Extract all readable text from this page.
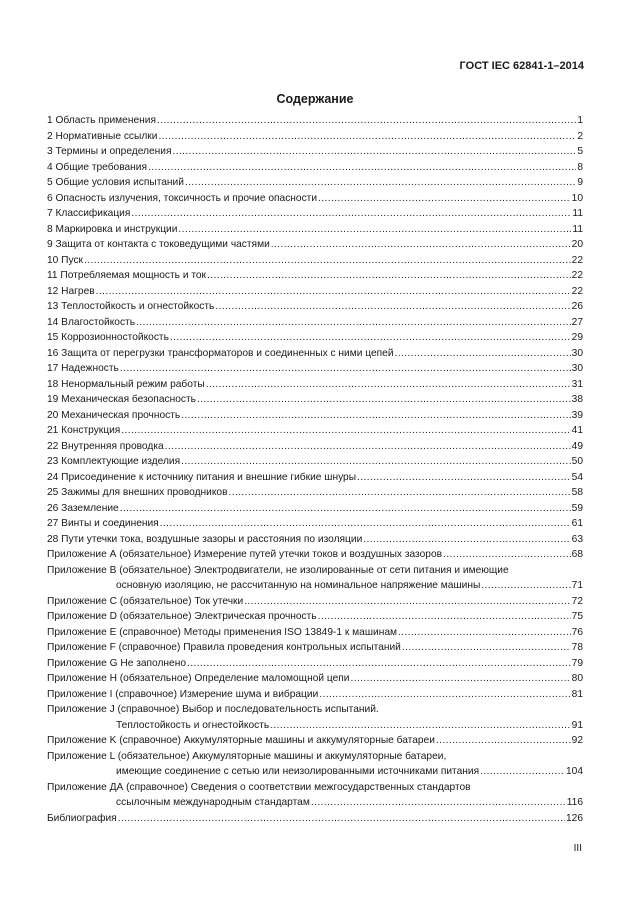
ГОСТ IEC 62841-1–2014
Содержание
1 Область применения .....	1
2 Нормативные ссылки .....	2
3 Термины и определения .....	5
4 Общие требования .....	8
5 Общие условия испытаний .....	9
6 Опасность излучения, токсичность и прочие опасности .....	10
7 Классификация .....	11
8 Маркировка и инструкции .....	11
9 Защита от контакта с токоведущими частями .....	20
10 Пуск .....	22
11 Потребляемая мощность и ток .....	22
12 Нагрев .....	22
13 Теплостойкость и огнестойкость .....	26
14 Влагостойкость .....	27
15 Коррозионностойкость .....	29
16 Защита от перегрузки трансформаторов и соединенных с ними цепей .....	30
17 Надежность .....	30
18 Ненормальный режим работы .....	31
19 Механическая безопасность .....	38
20 Механическая прочность .....	39
21 Конструкция .....	41
22 Внутренняя проводка .....	49
23 Комплектующие изделия .....	50
24 Присоединение к источнику питания и внешние гибкие шнуры .....	54
25 Зажимы для внешних проводников .....	58
26 Заземление .....	59
27 Винты и соединения .....	61
28 Пути утечки тока, воздушные зазоры и расстояния по изоляции .....	63
Приложение А (обязательное) Измерение путей утечки токов и воздушных зазоров .....	68
Приложение В (обязательное) Электродвигатели, не изолированные от сети питания и имеющие
основную изоляцию, не рассчитанную на номинальное напряжение машины .....	71
Приложение С (обязательное) Ток утечки .....	72
Приложение D (обязательное) Электрическая прочность .....	75
Приложение E (справочное) Методы применения ISO 13849-1 к машинам .....	76
Приложение F (справочное) Правила проведения контрольных испытаний .....	78
Приложение G Не заполнено .....	79
Приложение H (обязательное) Определение маломощной цепи .....	80
Приложение I (справочное) Измерение шума и вибрации .....	81
Приложение J (справочное) Выбор и последовательность испытаний.
Теплостойкость и огнестойкость .....	91
Приложение K (справочное) Аккумуляторные машины и аккумуляторные батареи .....	92
Приложение L (обязательное) Аккумуляторные машины и аккумуляторные батареи,
имеющие соединение с сетью или неизолированными источниками питания .....	104
Приложение ДА (справочное) Сведения о соответствии межгосударственных стандартов
ссылочным международным стандартам .....	116
Библиография .....	126
III
